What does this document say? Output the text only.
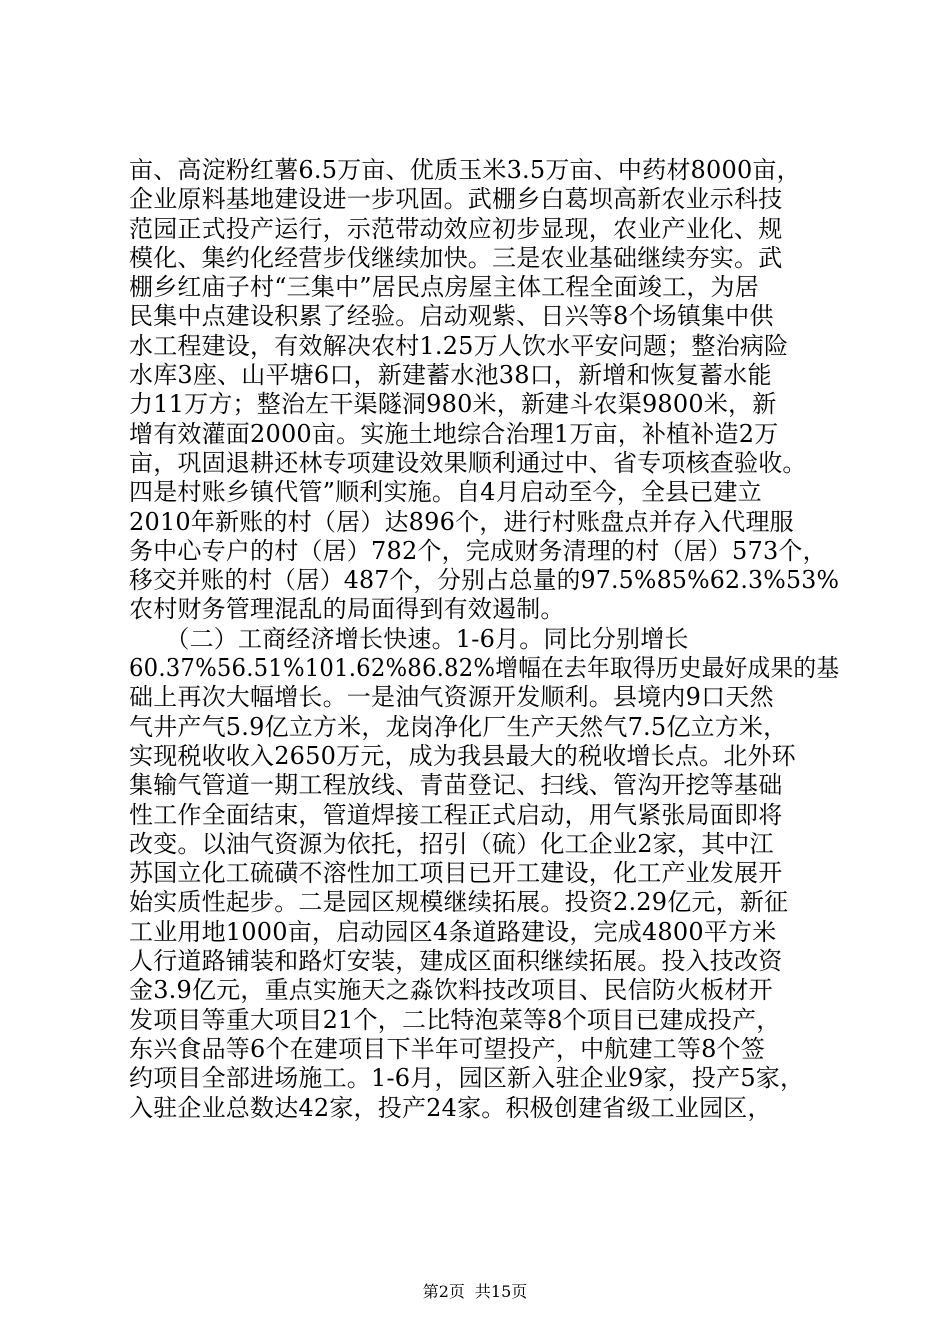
亩、高淀粉红薯6.5万亩、优质玉米3.5万亩、中药材8000亩，
企业原料基地建设进一步巩固。武棚乡白葛坝高新农业示科技
范园正式投产运行，示范带动效应初步显现，农业产业化、规
模化、集约化经营步伐继续加快。三是农业基础继续夯实。武
棚乡红庙子村“三集中”居民点房屋主体工程全面竣工，为居
民集中点建设积累了经验。启动观紫、日兴等8个场镇集中供
水工程建设，有效解决农村1.25万人饮水平安问题；整治病险
水库3座、山平塘6口，新建蓄水池38口，新增和恢复蓄水能
力11万方；整治左干渠隧洞980米，新建斗农渠9800米，新
增有效灌面2000亩。实施土地综合治理1万亩，补植补造2万
亩，巩固退耕还林专项建设效果顺利通过中、省专项核查验收。
四是村账乡镇代管”顺利实施。自4月启动至今，全县已建立
2010年新账的村（居）达896个，进行村账盘点并存入代理服
务中心专户的村（居）782个，完成财务清理的村（居）573个，
移交并账的村（居）487个，分别占总量的97.5%85%62.3%53%
农村财务管理混乱的局面得到有效遏制。
　　（二）工商经济增长快速。1-6月。同比分别增长
60.37%56.51%101.62%86.82%增幅在去年取得历史最好成果的基
础上再次大幅增长。一是油气资源开发顺利。县境内9口天然
气井产气5.9亿立方米，龙岗净化厂生产天然气7.5亿立方米，
实现税收收入2650万元，成为我县最大的税收增长点。北外环
集输气管道一期工程放线、青苗登记、扫线、管沟开挖等基础
性工作全面结束，管道焊接工程正式启动，用气紧张局面即将
改变。以油气资源为依托，招引（硫）化工企业2家，其中江
苏国立化工硫磺不溶性加工项目已开工建设，化工产业发展开
始实质性起步。二是园区规模继续拓展。投资2.29亿元，新征
工业用地1000亩，启动园区4条道路建设，完成4800平方米
人行道路铺装和路灯安装，建成区面积继续拓展。投入技改资
金3.9亿元，重点实施天之淼饮料技改项目、民信防火板材开
发项目等重大项目21个，二比特泡菜等8个项目已建成投产，
东兴食品等6个在建项目下半年可望投产，中航建工等8个签
约项目全部进场施工。1-6月，园区新入驻企业9家，投产5家，
入驻企业总数达42家，投产24家。积极创建省级工业园区，
第2页 共15页
